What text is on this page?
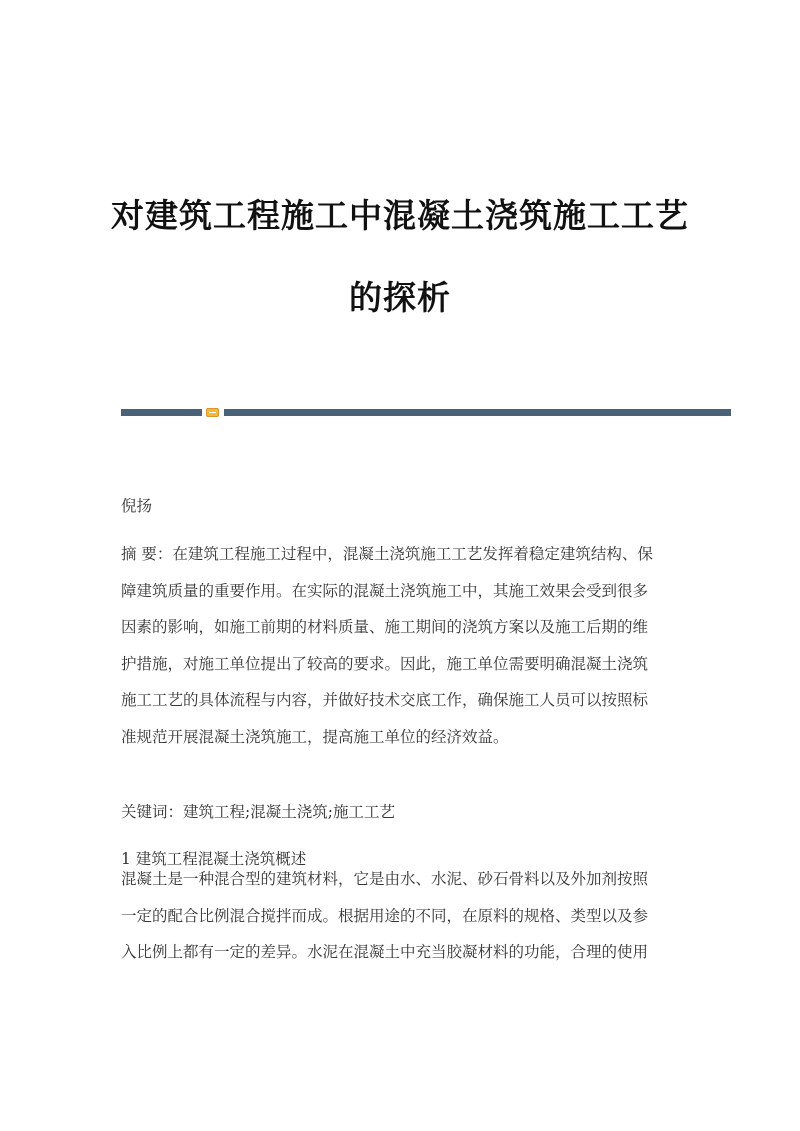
对建筑工程施工中混凝土浇筑施工工艺
的探析
倪扬
摘 要：在建筑工程施工过程中，混凝土浇筑施工工艺发挥着稳定建筑结构、保
障建筑质量的重要作用。在实际的混凝土浇筑施工中，其施工效果会受到很多
因素的影响，如施工前期的材料质量、施工期间的浇筑方案以及施工后期的维
护措施，对施工单位提出了较高的要求。因此，施工单位需要明确混凝土浇筑
施工工艺的具体流程与内容，并做好技术交底工作，确保施工人员可以按照标
准规范开展混凝土浇筑施工，提高施工单位的经济效益。
关键词：建筑工程;混凝土浇筑;施工工艺
1 建筑工程混凝土浇筑概述
混凝土是一种混合型的建筑材料，它是由水、水泥、砂石骨料以及外加剂按照
一定的配合比例混合搅拌而成。根据用途的不同，在原料的规格、类型以及参
入比例上都有一定的差异。水泥在混凝土中充当胶凝材料的功能，合理的使用
